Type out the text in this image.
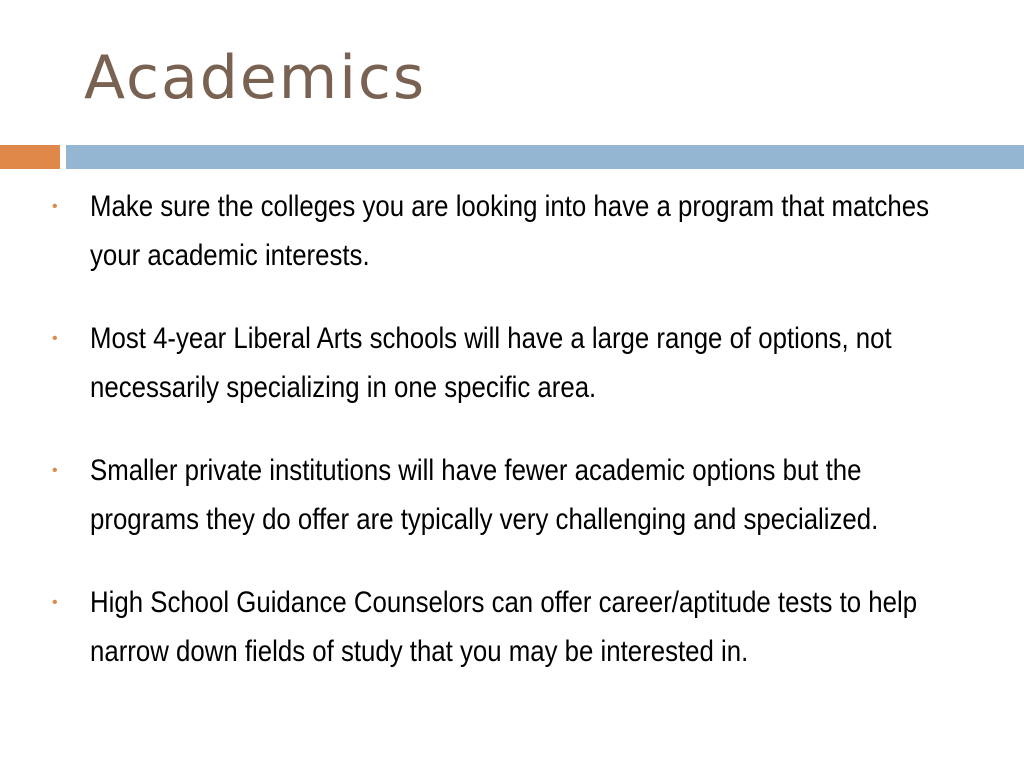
Academics
• Make sure the colleges you are looking into have a program that matches your academic interests.
• Most 4-year Liberal Arts schools will have a large range of options, not necessarily specializing in one specific area.
• Smaller private institutions will have fewer academic options but the programs they do offer are typically very challenging and specialized.
• High School Guidance Counselors can offer career/aptitude tests to help narrow down fields of study that you may be interested in.
